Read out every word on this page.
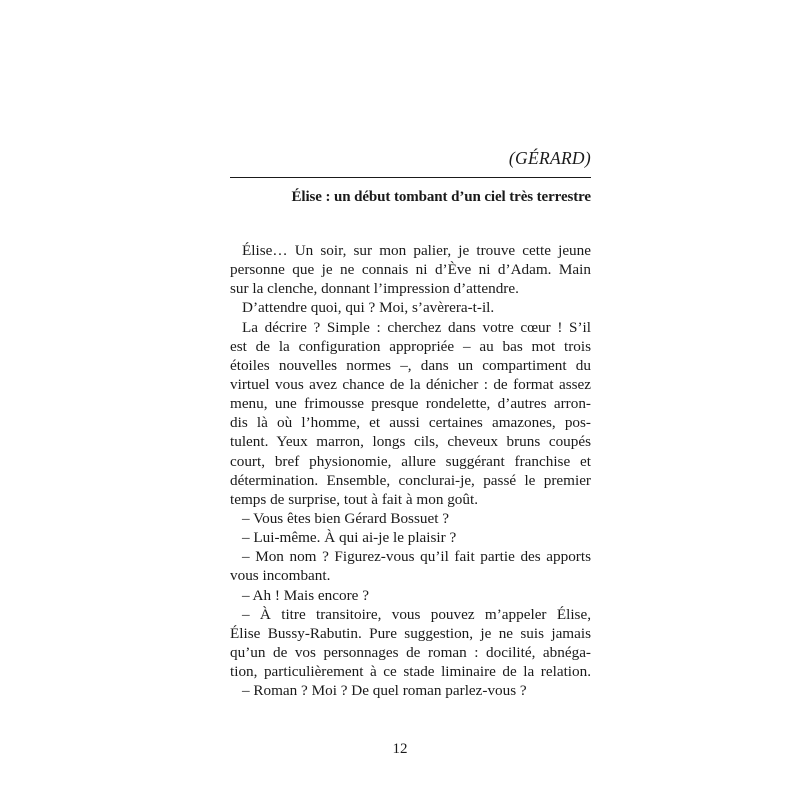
(GÉRARD)
Élise : un début tombant d’un ciel très terrestre
Élise… Un soir, sur mon palier, je trouve cette jeune
personne que je ne connais ni d’Ève ni d’Adam. Main
sur la clenche, donnant l’impression d’attendre.
D’attendre quoi, qui ? Moi, s’avèrera-t-il.
La décrire ? Simple : cherchez dans votre cœur ! S’il
est de la configuration appropriée – au bas mot trois
étoiles nouvelles normes –, dans un compartiment du
virtuel vous avez chance de la dénicher : de format assez
menu, une frimousse presque rondelette, d’autres arron-
dis là où l’homme, et aussi certaines amazones, pos-
tulent. Yeux marron, longs cils, cheveux bruns coupés
court, bref physionomie, allure suggérant franchise et
détermination. Ensemble, conclurai-je, passé le premier
temps de surprise, tout à fait à mon goût.
– Vous êtes bien Gérard Bossuet ?
– Lui-même. À qui ai-je le plaisir ?
– Mon nom ? Figurez-vous qu’il fait partie des apports
vous incombant.
– Ah ! Mais encore ?
– À titre transitoire, vous pouvez m’appeler Élise,
Élise Bussy-Rabutin. Pure suggestion, je ne suis jamais
qu’un de vos personnages de roman : docilité, abnéga-
tion, particulièrement à ce stade liminaire de la relation.
– Roman ? Moi ? De quel roman parlez-vous ?
12
